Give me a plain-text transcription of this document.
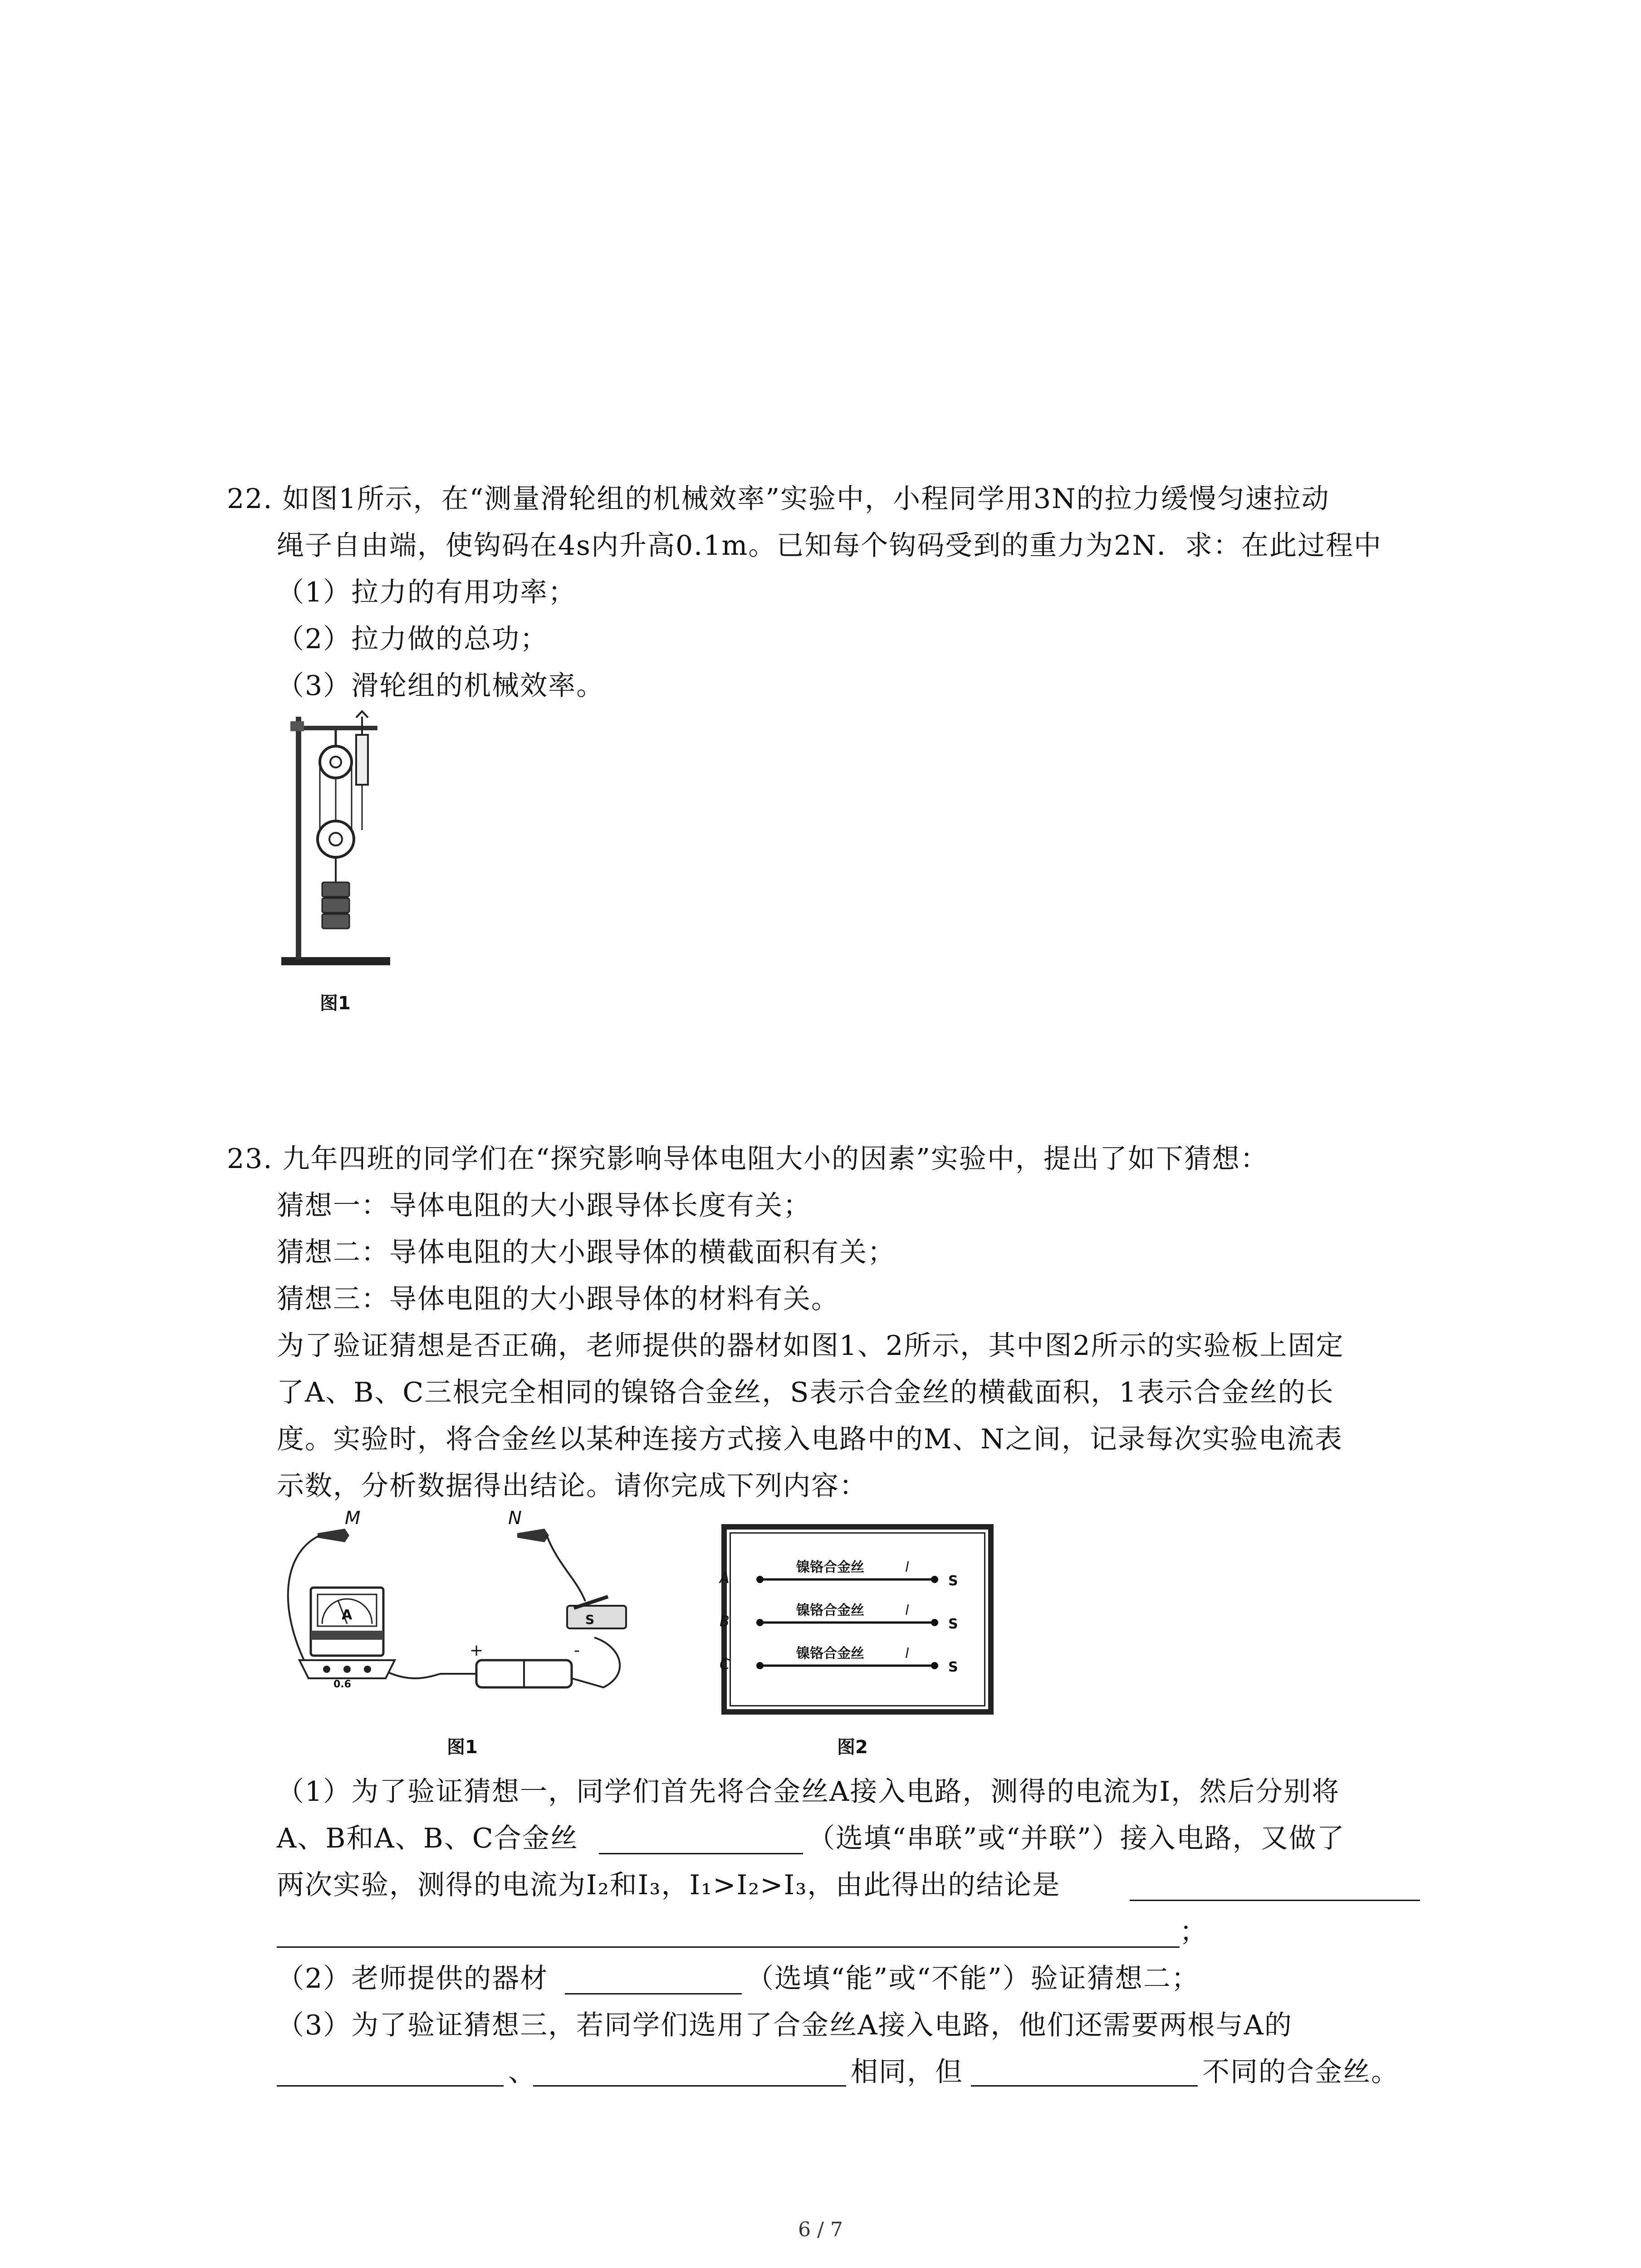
22. 如图1所示，在“测量滑轮组的机械效率”实验中，小程同学用3N的拉力缓慢匀速拉动
绳子自由端，使钩码在4s内升高0.1m。已知每个钩码受到的重力为2N．求：在此过程中
（1）拉力的有用功率；
（2）拉力做的总功；
（3）滑轮组的机械效率。
图1
23. 九年四班的同学们在“探究影响导体电阻大小的因素”实验中，提出了如下猜想：
猜想一：导体电阻的大小跟导体长度有关；
猜想二：导体电阻的大小跟导体的横截面积有关；
猜想三：导体电阻的大小跟导体的材料有关。
为了验证猜想是否正确，老师提供的器材如图1、2所示，其中图2所示的实验板上固定
了A、B、C三根完全相同的镍铬合金丝，S表示合金丝的横截面积，1表示合金丝的长
度。实验时，将合金丝以某种连接方式接入电路中的M、N之间，记录每次实验电流表
示数，分析数据得出结论。请你完成下列内容：
M	N
A
0.6
+	-
S
图1
A
镍铬合金丝	l
S
B
镍铬合金丝	l
S
C
镍铬合金丝	l
S
图2
（1）为了验证猜想一，同学们首先将合金丝A接入电路，测得的电流为I，然后分别将
A、B和A、B、C合金丝	（选填“串联”或“并联”）接入电路，又做了
两次实验，测得的电流为I₂和I₃，I₁>I₂>I₃，由此得出的结论是
；
（2）老师提供的器材	（选填“能”或“不能”）验证猜想二；
（3）为了验证猜想三，若同学们选用了合金丝A接入电路，他们还需要两根与A的
、	相同，但	不同的合金丝。
6 / 7
